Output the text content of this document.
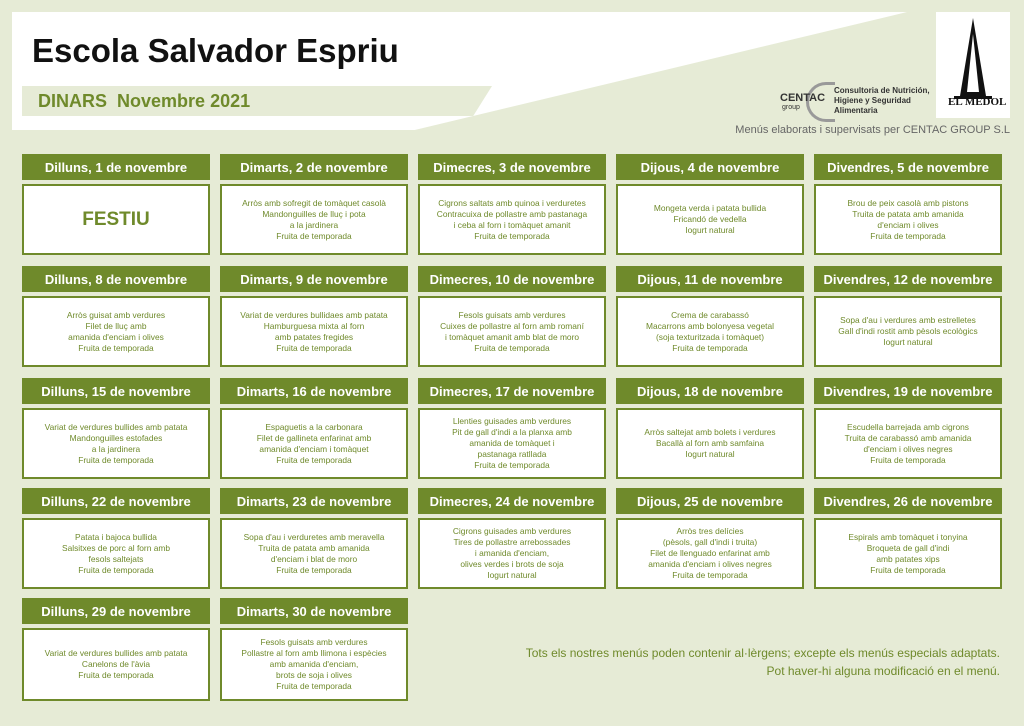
Escola Salvador Espriu
DINARS Novembre 2021	CENTAC
group
Consultoria de Nutrición,
Higiene y Seguridad
Alimentaria
EL MEDOL
Menús elaborats i supervisats per CENTAC GROUP S.L
Dilluns, 1 de novembre
FESTIU
Dimarts, 2 de novembre
Arròs amb sofregit de tomàquet casolà
Mandonguilles de lluç i pota
a la jardinera
Fruita de temporada
Dimecres, 3 de novembre
Cigrons saltats amb quinoa i verduretes
Contracuixa de pollastre amb pastanaga
i ceba al forn i tomàquet amanit
Fruita de temporada
Dijous, 4 de novembre
Mongeta verda i patata bullida
Fricandó de vedella
Iogurt natural
Divendres, 5 de novembre
Brou de peix casolà amb pistons
Truita de patata amb amanida
d'enciam i olives
Fruita de temporada
Dilluns, 8 de novembre
Arròs guisat amb verdures
Filet de lluç amb
amanida d'enciam i olives
Fruita de temporada
Dimarts, 9 de novembre
Variat de verdures bullidaes amb patata
Hamburguesa mixta al forn
amb patates fregides
Fruita de temporada
Dimecres, 10 de novembre
Fesols guisats amb verdures
Cuixes de pollastre al forn amb romaní
i tomàquet amanit amb blat de moro
Fruita de temporada
Dijous, 11 de novembre
Crema de carabassó
Macarrons amb bolonyesa vegetal
(soja texturitzada i tomàquet)
Fruita de temporada
Divendres, 12 de novembre
Sopa d'au i verdures amb estrelletes
Gall d'indi rostit amb pèsols ecològics
Iogurt natural
Dilluns, 15 de novembre
Variat de verdures bullides amb patata
Mandonguilles estofades
a la jardinera
Fruita de temporada
Dimarts, 16 de novembre
Espaguetis a la carbonara
Filet de gallineta enfarinat amb
amanida d'enciam i tomàquet
Fruita de temporada
Dimecres, 17 de novembre
Llenties guisades amb verdures
Pit de gall d'indi a la planxa amb
amanida de tomàquet i
pastanaga ratllada
Fruita de temporada
Dijous, 18 de novembre
Arròs saltejat amb bolets i verdures
Bacallà al forn amb samfaina
Iogurt natural
Divendres, 19 de novembre
Escudella barrejada amb cigrons
Truita de carabassó amb amanida
d'enciam i olives negres
Fruita de temporada
Dilluns, 22 de novembre
Patata i bajoca bullida
Salsitxes de porc al forn amb
fesols saltejats
Fruita de temporada
Dimarts, 23 de novembre
Sopa d'au i verduretes amb meravella
Truita de patata amb amanida
d'enciam i blat de moro
Fruita de temporada
Dimecres, 24 de novembre
Cigrons guisades amb verdures
Tires de pollastre arrebossades
i amanida d'enciam,
olives verdes i brots de soja
Iogurt natural
Dijous, 25 de novembre
Arròs tres delícies
(pèsols, gall d'indi i truita)
Filet de llenguado enfarinat amb
amanida d'enciam i olives negres
Fruita de temporada
Divendres, 26 de novembre
Espirals amb tomàquet i tonyina
Broqueta de gall d'indi
amb patates xips
Fruita de temporada
Dilluns, 29 de novembre
Variat de verdures bullides amb patata
Canelons de l'àvia
Fruita de temporada
Dimarts, 30 de novembre
Fesols guisats amb verdures
Pollastre al forn amb llimona i espècies
amb amanida d'enciam,
brots de soja i olives
Fruita de temporada
Tots els nostres menús poden contenir al·lèrgens; excepte els menús especials adaptats.
Pot haver-hi alguna modificació en el menú.
